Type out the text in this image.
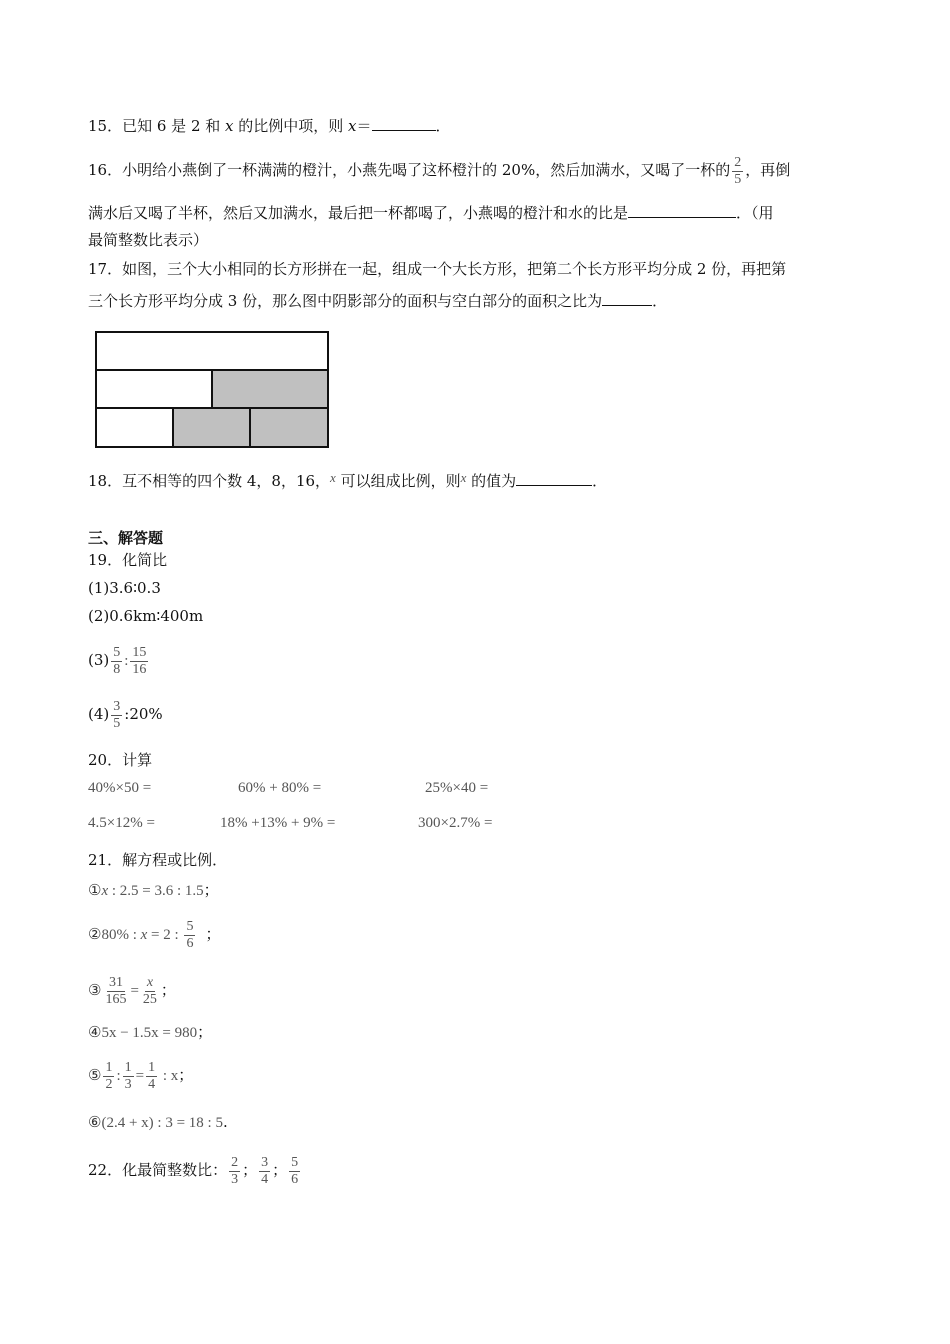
15．已知 6 是 2 和 x 的比例中项，则 x＝	．
16．小明给小燕倒了一杯满满的橙汁，小燕先喝了这杯橙汁的 20%，然后加满水，又喝了一杯的 $\frac{2}{5}$ ，再倒
满水后又喝了半杯，然后又加满水，最后把一杯都喝了，小燕喝的橙汁和水的比是	．（用
最简整数比表示）
17．如图，三个大小相同的长方形拼在一起，组成一个大长方形，把第二个长方形平均分成 2 份，再把第
三个长方形平均分成 3 份，那么图中阴影部分的面积与空白部分的面积之比为	．
18．互不相等的四个数 4，8，16，x 可以组成比例，则x 的值为	．
三、解答题
19．化简比
(1)3.6∶0.3
(2)0.6km∶400m
$(3) \frac{5}{8}$ : $\frac{15}{16}$
$(4) \frac{3}{5}$ :20%
20．计算
40%×50 =	60% + 80% =	25%×40 =
4.5×12% =	18% +13% + 9% =	300×2.7% =
21．解方程或比例．
①x : 2.5 = 3.6 : 1.5；
②80% : x = 2 : $\frac{5}{6}$ ；
③ $\frac{31}{165} = \frac{x}{25}$ ；
④5x − 1.5x = 980；
⑤ $\frac{1}{2}$ : $\frac{1}{3} = \frac{1}{4}$ : x；
⑥(2.4 + x) : 3 = 18 : 5.
22．化最简整数比： $\frac{2}{3}$ ； $\frac{3}{4}$ ； $\frac{5}{6}$
